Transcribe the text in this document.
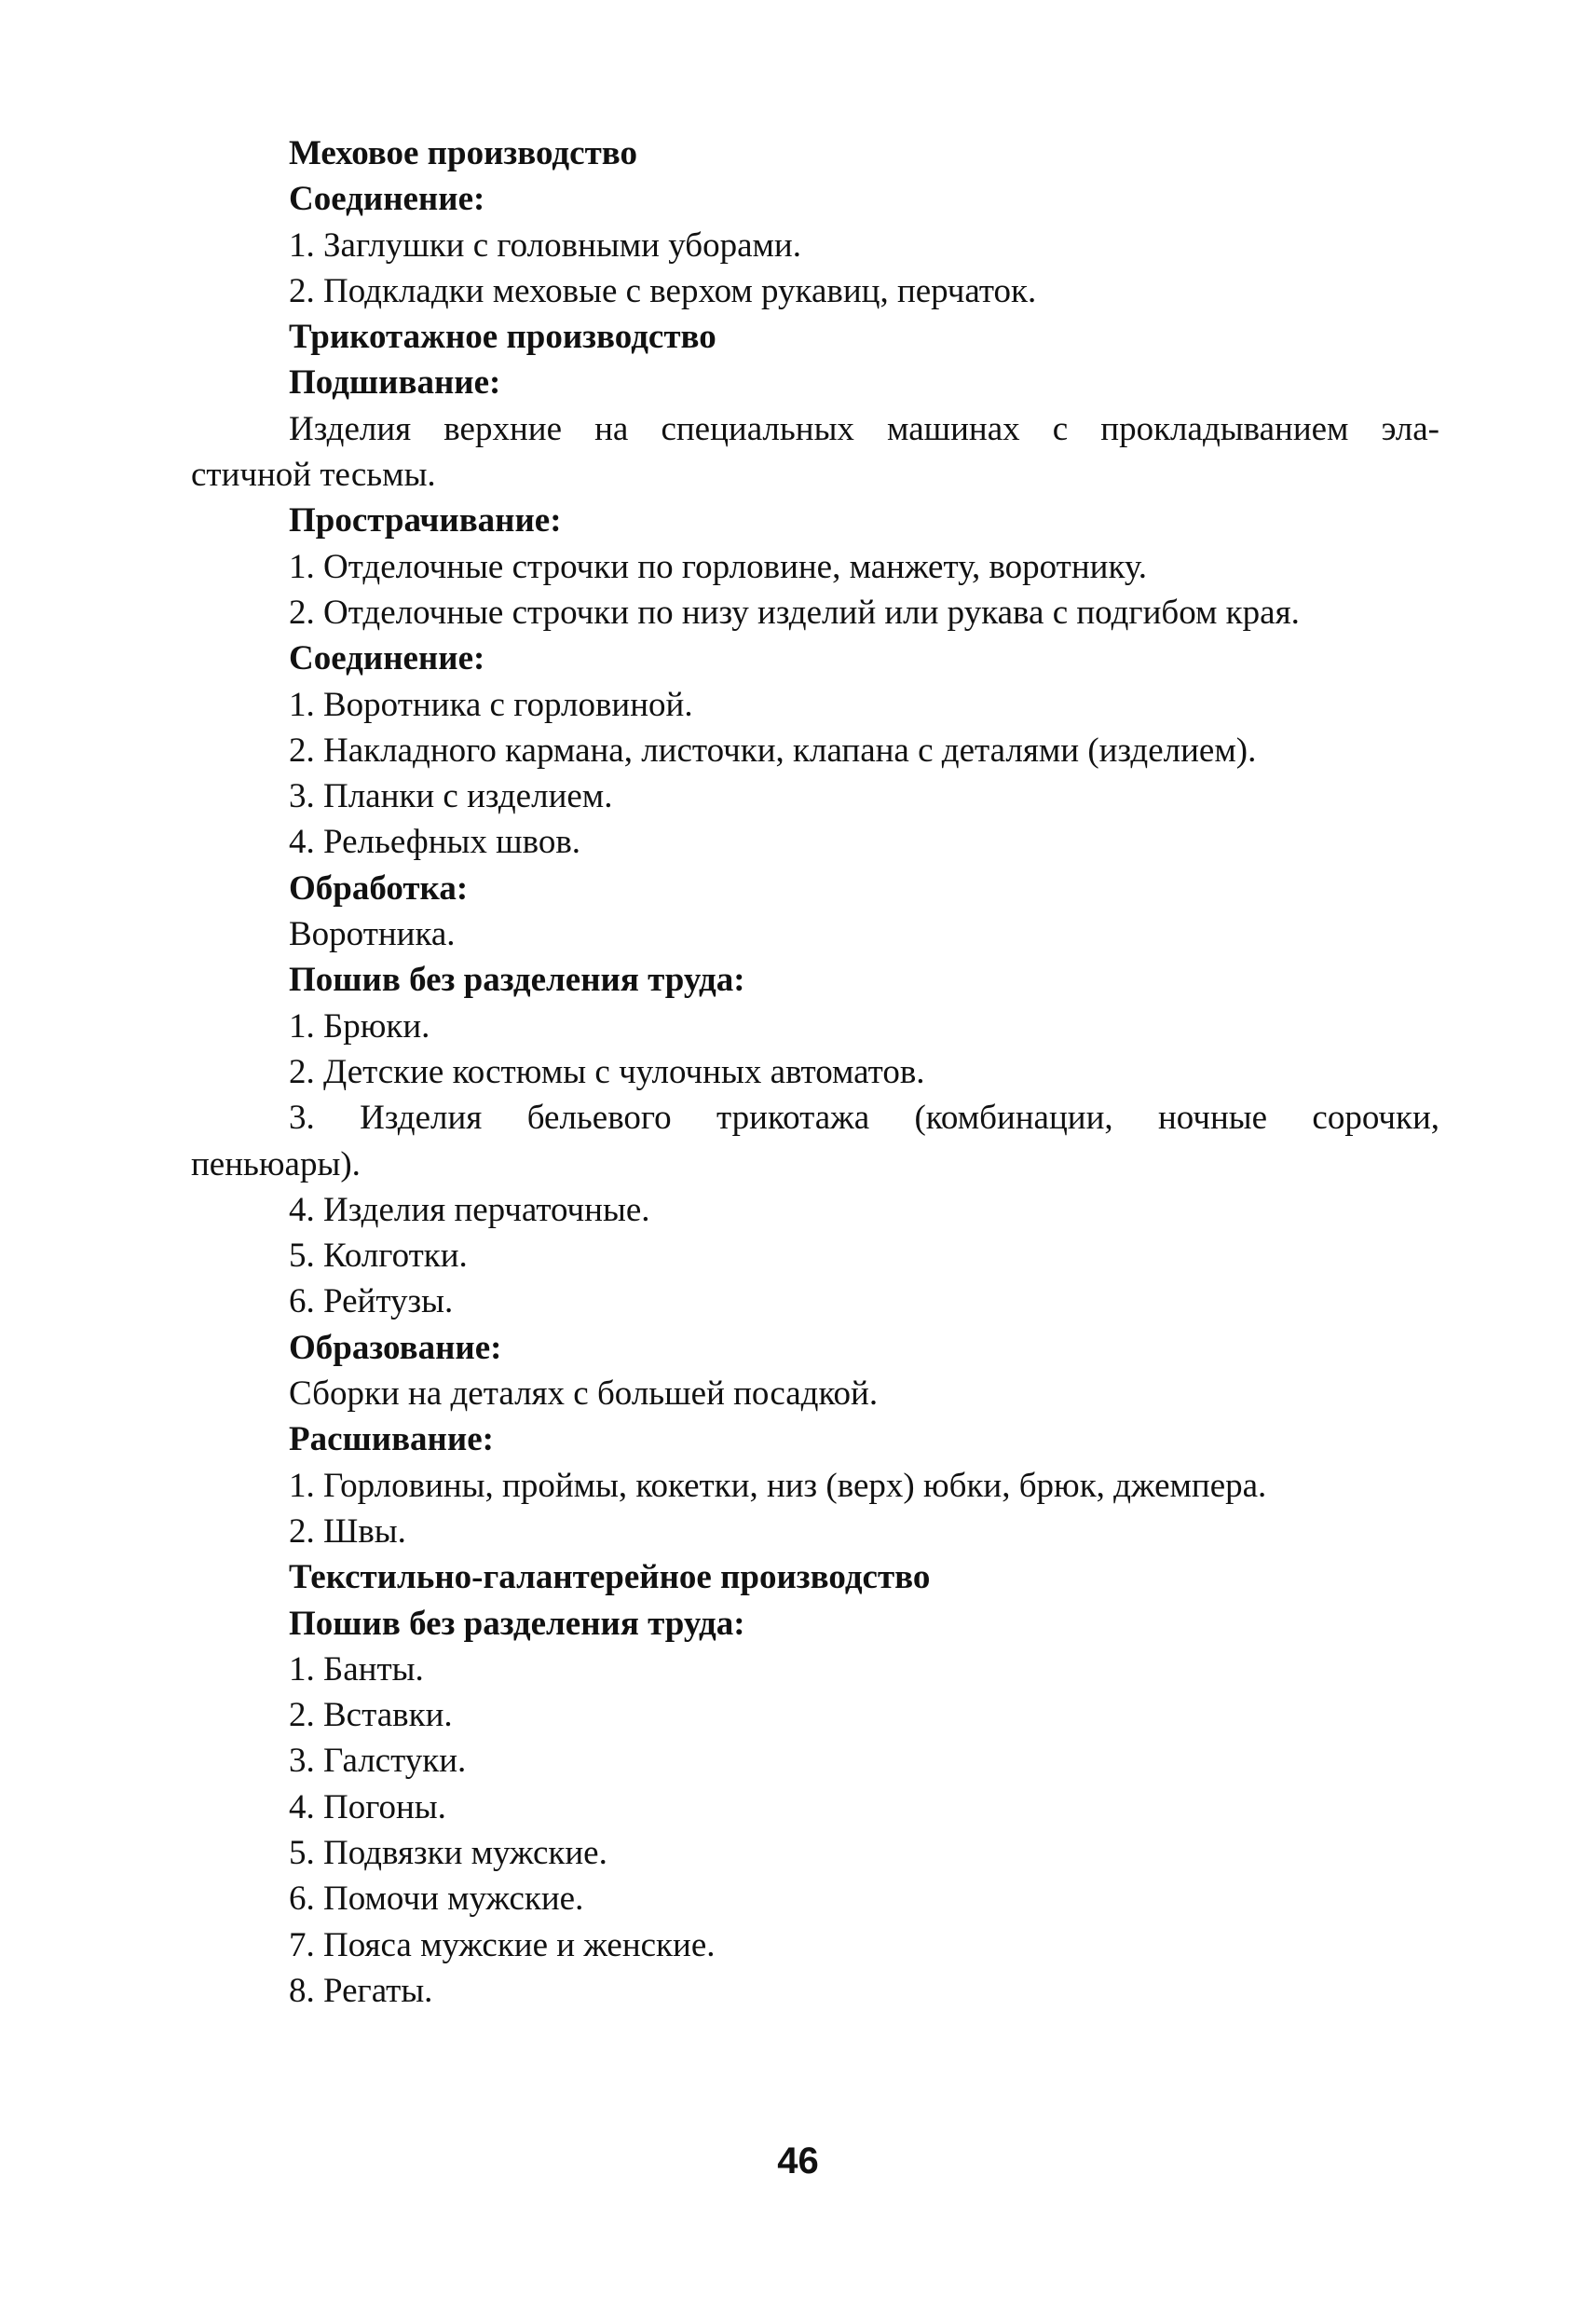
Меховое производство

Соединение:

1. Заглушки с головными уборами.

2. Подкладки меховые с верхом рукавиц, перчаток.

Трикотажное производство

Подшивание:

Изделия верхние на специальных машинах с прокладыванием эла-

стичной тесьмы.

Прострачивание:

1. Отделочные строчки по горловине, манжету, воротнику.

2. Отделочные строчки по низу изделий или рукава с подгибом края.

Соединение:

1. Воротника с горловиной.

2. Накладного кармана, листочки, клапана с деталями (изделием).

3. Планки с изделием.

4. Рельефных швов.

Обработка:

Воротника.

Пошив без разделения труда:

1. Брюки.

2. Детские костюмы с чулочных автоматов.

3. Изделия бельевого трикотажа (комбинации, ночные сорочки,

пеньюары).

4. Изделия перчаточные.

5. Колготки.

6. Рейтузы.

Образование:

Сборки на деталях с большей посадкой.

Расшивание:

1. Горловины, проймы, кокетки, низ (верх) юбки, брюк, джемпера.

2. Швы.

Текстильно-галантерейное производство

Пошив без разделения труда:

1. Банты.

2. Вставки.

3. Галстуки.

4. Погоны.

5. Подвязки мужские.

6. Помочи мужские.

7. Пояса мужские и женские.

8. Регаты.

46
